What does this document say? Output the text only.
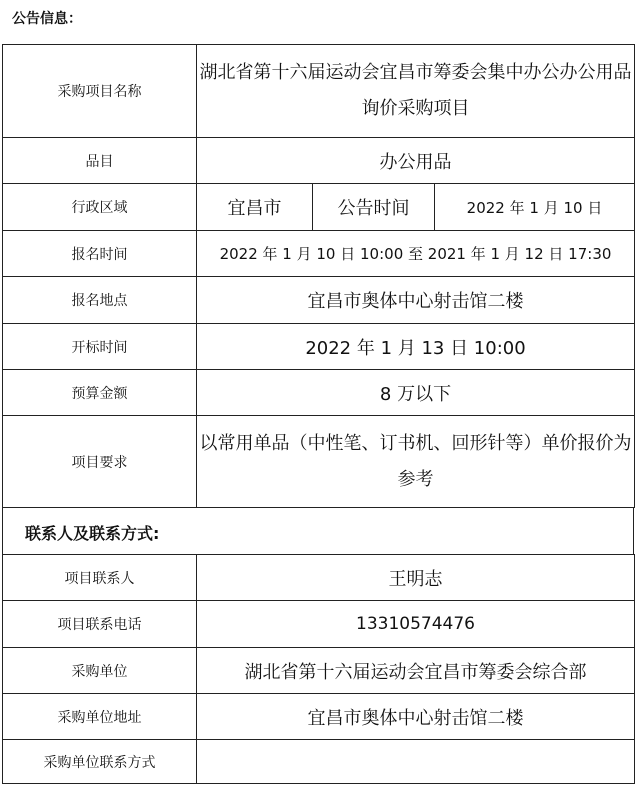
公告信息：
采购项目名称	湖北省第十六届运动会宜昌市筹委会集中办公办公用品询价采购项目		
品目	办公用品		
行政区域	宜昌市	公告时间	2022 年 1 月 10 日
报名时间	2022 年 1 月 10 日 10:00 至 2021 年 1 月 12 日 17:30		
报名地点	宜昌市奥体中心射击馆二楼		
开标时间	2022 年 1 月 13 日 10:00		
预算金额	8 万以下		
项目要求	以常用单品（中性笔、订书机、回形针等）单价报价为参考		
联系人及联系方式:
项目联系人	王明志
项目联系电话	13310574476
采购单位	湖北省第十六届运动会宜昌市筹委会综合部
采购单位地址	宜昌市奥体中心射击馆二楼
采购单位联系方式	
